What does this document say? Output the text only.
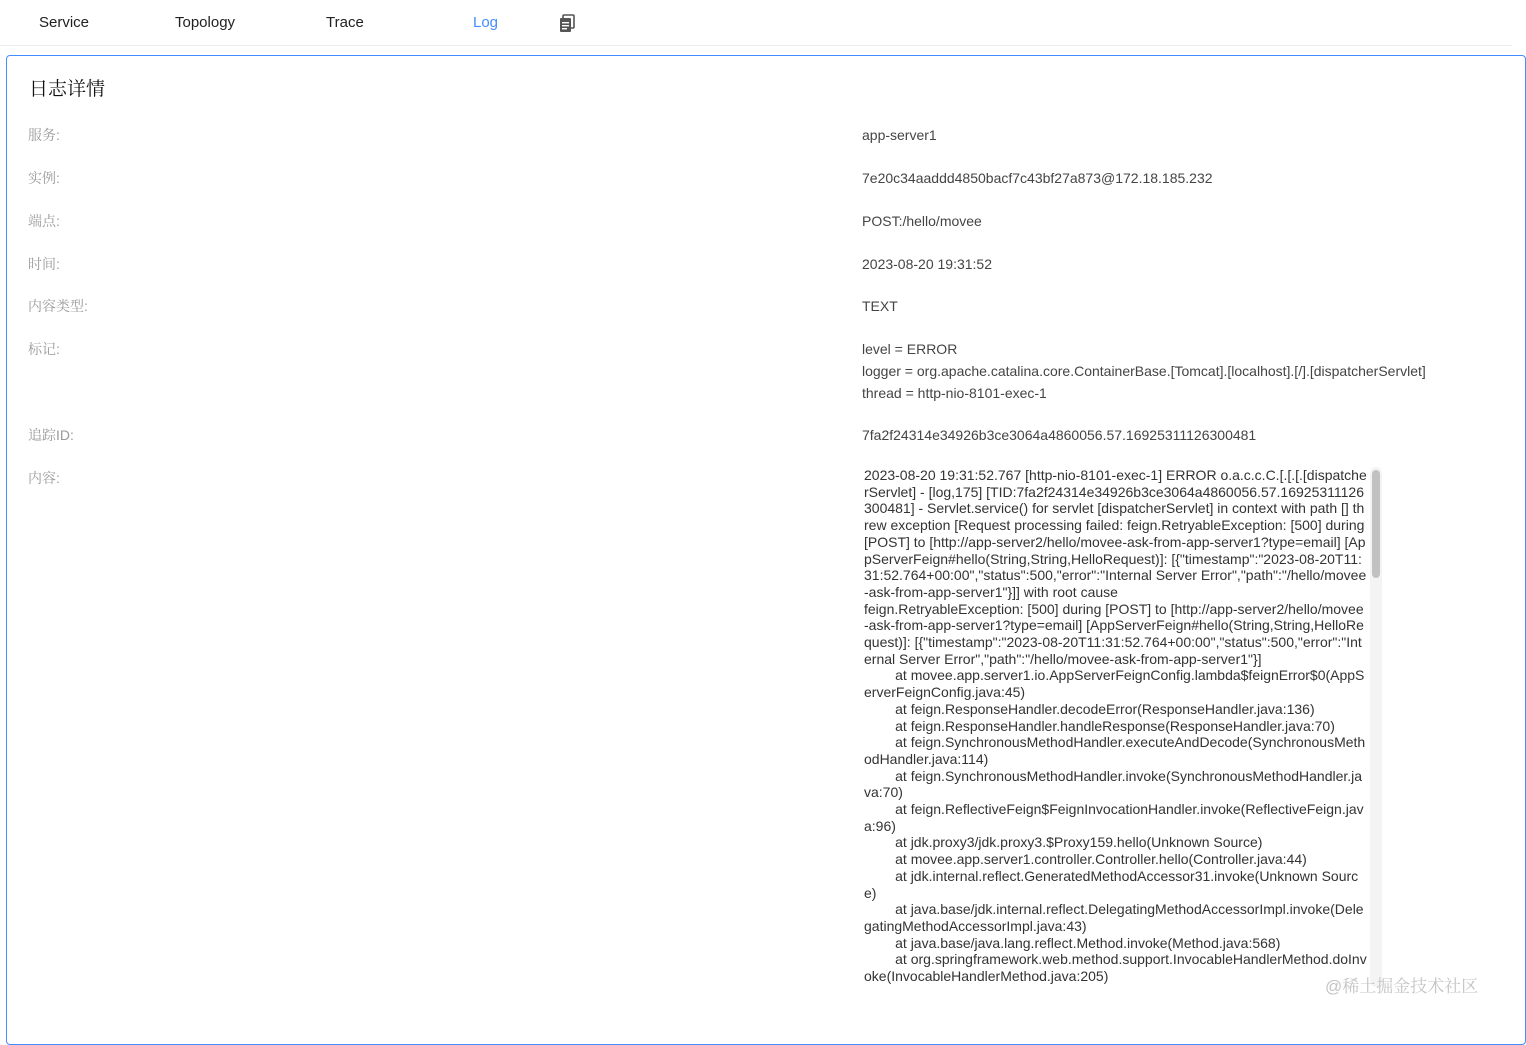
Service	Topology	Trace	Log
日志详情
服务:	app-server1
实例:	7e20c34aaddd4850bacf7c43bf27a873@172.18.185.232
端点:	POST:/hello/movee
时间:	2023-08-20 19:31:52
内容类型:	TEXT
标记:	level = ERROR
logger = org.apache.catalina.core.ContainerBase.[Tomcat].[localhost].[/].[dispatcherServlet]
thread = http-nio-8101-exec-1
追踪ID:	7fa2f24314e34926b3ce3064a4860056.57.16925311126300481
内容:	2023-08-20 19:31:52.767 [http-nio-8101-exec-1] ERROR o.a.c.c.C.[.[.[.[dispatcherServlet] - [log,175] [TID:7fa2f24314e34926b3ce3064a4860056.57.16925311126300481] - Servlet.service() for servlet [dispatcherServlet] in context with path [] threw exception [Request processing failed: feign.RetryableException: [500] during [POST] to [http://app-server2/hello/movee-ask-from-app-server1?type=email] [AppServerFeign#hello(String,String,HelloRequest)]: [{"timestamp":"2023-08-20T11:31:52.764+00:00","status":500,"error":"Internal Server Error","path":"/hello/movee-ask-from-app-server1"}]] with root cause
feign.RetryableException: [500] during [POST] to [http://app-server2/hello/movee-ask-from-app-server1?type=email] [AppServerFeign#hello(String,String,HelloRequest)]: [{"timestamp":"2023-08-20T11:31:52.764+00:00","status":500,"error":"Internal Server Error","path":"/hello/movee-ask-from-app-server1"}]
	at movee.app.server1.io.AppServerFeignConfig.lambda$feignError$0(AppServerFeignConfig.java:45)
	at feign.ResponseHandler.decodeError(ResponseHandler.java:136)
	at feign.ResponseHandler.handleResponse(ResponseHandler.java:70)
	at feign.SynchronousMethodHandler.executeAndDecode(SynchronousMethodHandler.java:114)
	at feign.SynchronousMethodHandler.invoke(SynchronousMethodHandler.java:70)
	at feign.ReflectiveFeign$FeignInvocationHandler.invoke(ReflectiveFeign.java:96)
	at jdk.proxy3/jdk.proxy3.$Proxy159.hello(Unknown Source)
	at movee.app.server1.controller.Controller.hello(Controller.java:44)
	at jdk.internal.reflect.GeneratedMethodAccessor31.invoke(Unknown Source)
	at java.base/jdk.internal.reflect.DelegatingMethodAccessorImpl.invoke(DelegatingMethodAccessorImpl.java:43)
	at java.base/java.lang.reflect.Method.invoke(Method.java:568)
	at org.springframework.web.method.support.InvocableHandlerMethod.doInvoke(InvocableHandlerMethod.java:205)
@稀土掘金技术社区
